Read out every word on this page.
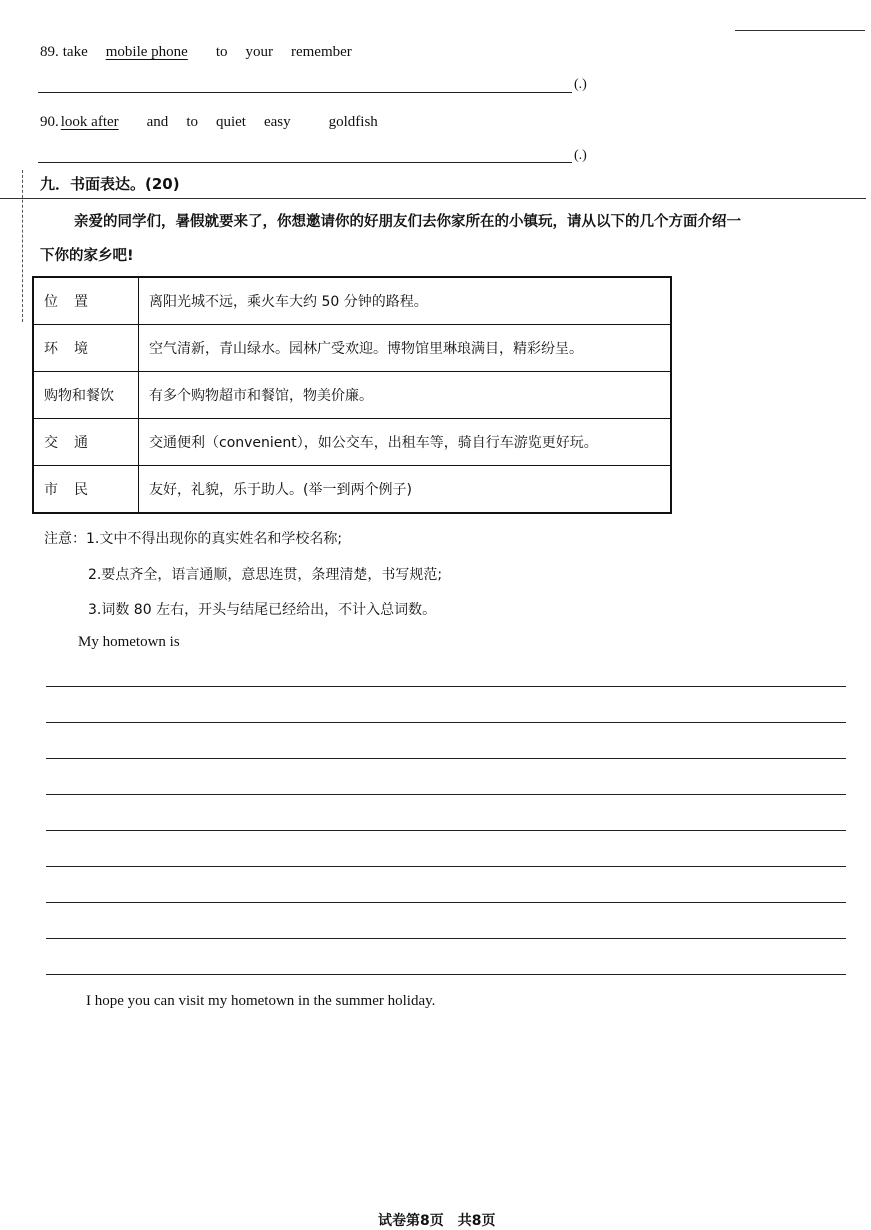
89. take mobile phone to your remember
(.)
90. look after and to quiet easy	goldfish
(.)
九．书面表达。(20)
亲爱的同学们，暑假就要来了，你想邀请你的好朋友们去你家所在的小镇玩，请从以下的几个方面介绍一
下你的家乡吧!
位　置	离阳光城不远，乘火车大约 50 分钟的路程。
环　境	空气清新，青山绿水。园林广受欢迎。博物馆里琳琅满目，精彩纷呈。
购物和餐饮	有多个购物超市和餐馆，物美价廉。
交　通	交通便利（convenient），如公交车，出租车等，骑自行车游览更好玩。
市　民	友好，礼貌，乐于助人。(举一到两个例子)
注意：1.文中不得出现你的真实姓名和学校名称;
2.要点齐全，语言通顺，意思连贯，条理清楚，书写规范;
3.词数 80 左右，开头与结尾已经给出，不计入总词数。
My hometown is
I hope you can visit my hometown in the summer holiday.
试卷第8页　共8页
